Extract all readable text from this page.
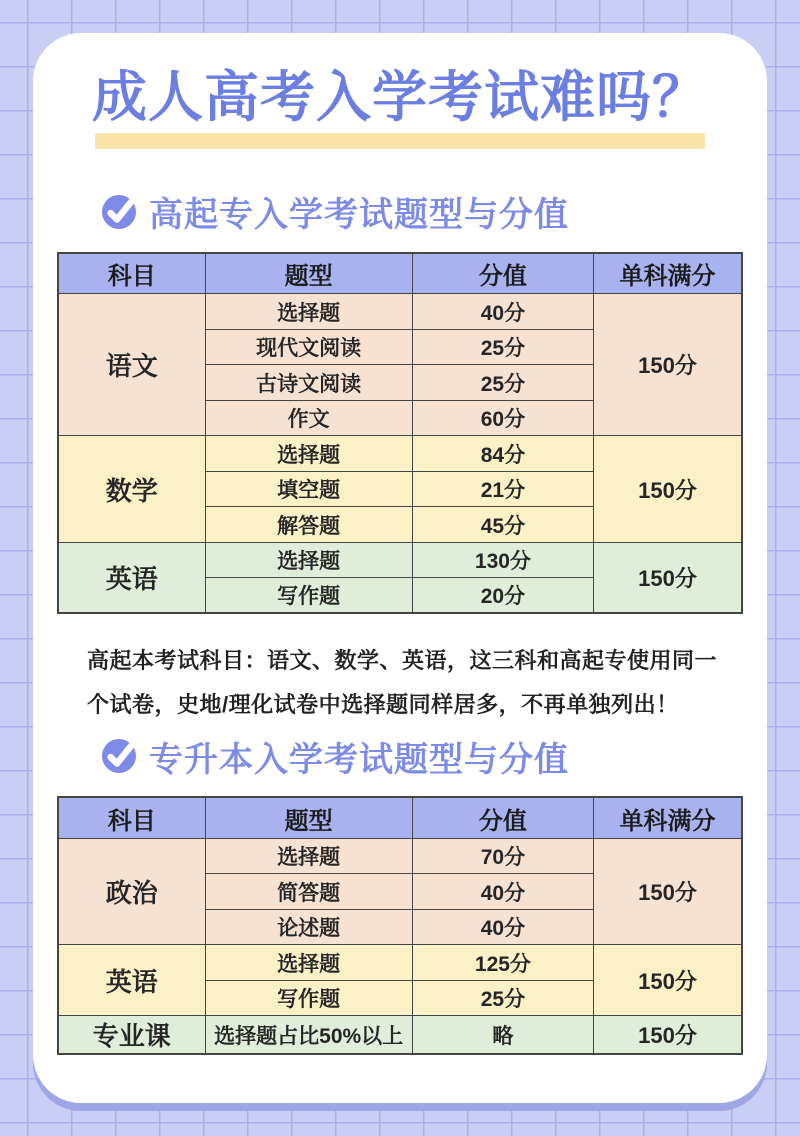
成人高考入学考试难吗？
高起专入学考试题型与分值
科目	题型	分值	单科满分
语文	选择题	40分	150分
	现代文阅读	25分	
	古诗文阅读	25分	
	作文	60分	
数学	选择题	84分	150分
	填空题	21分	
	解答题	45分	
英语	选择题	130分	150分
	写作题	20分	

高起本考试科目：语文、数学、英语，这三科和高起专使用同一个试卷，史地/理化试卷中选择题同样居多，不再单独列出！

专升本入学考试题型与分值
科目	题型	分值	单科满分
政治	选择题	70分	150分
	简答题	40分	
	论述题	40分	
英语	选择题	125分	150分
	写作题	25分	
专业课	选择题占比50%以上	略	150分
